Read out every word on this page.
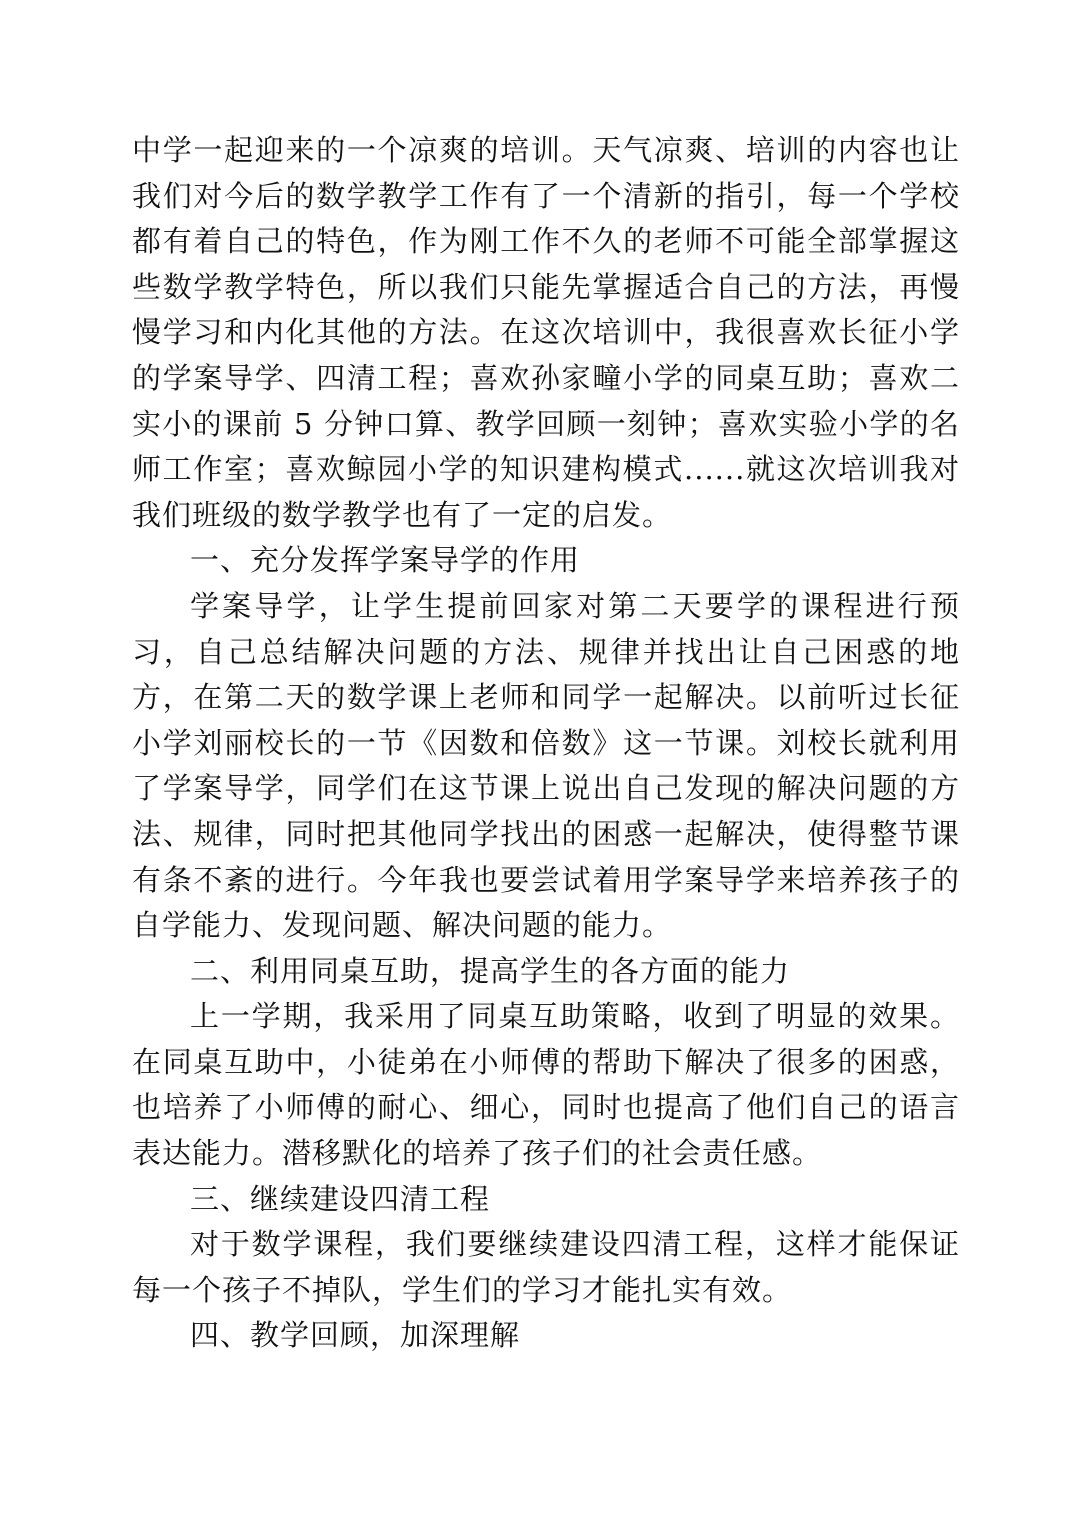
中学一起迎来的一个凉爽的培训。天气凉爽、培训的内容也让我们对今后的数学教学工作有了一个清新的指引，每一个学校都有着自己的特色，作为刚工作不久的老师不可能全部掌握这些数学教学特色，所以我们只能先掌握适合自己的方法，再慢慢学习和内化其他的方法。在这次培训中，我很喜欢长征小学的学案导学、四清工程；喜欢孙家疃小学的同桌互助；喜欢二实小的课前 5 分钟口算、教学回顾一刻钟；喜欢实验小学的名师工作室；喜欢鲸园小学的知识建构模式......就这次培训我对我们班级的数学教学也有了一定的启发。

一、充分发挥学案导学的作用

学案导学，让学生提前回家对第二天要学的课程进行预习，自己总结解决问题的方法、规律并找出让自己困惑的地方，在第二天的数学课上老师和同学一起解决。以前听过长征小学刘丽校长的一节《因数和倍数》这一节课。刘校长就利用了学案导学，同学们在这节课上说出自己发现的解决问题的方法、规律，同时把其他同学找出的困惑一起解决，使得整节课有条不紊的进行。今年我也要尝试着用学案导学来培养孩子的自学能力、发现问题、解决问题的能力。

二、利用同桌互助，提高学生的各方面的能力

上一学期，我采用了同桌互助策略，收到了明显的效果。在同桌互助中，小徒弟在小师傅的帮助下解决了很多的困惑，也培养了小师傅的耐心、细心，同时也提高了他们自己的语言表达能力。潜移默化的培养了孩子们的社会责任感。

三、继续建设四清工程

对于数学课程，我们要继续建设四清工程，这样才能保证每一个孩子不掉队，学生们的学习才能扎实有效。

四、教学回顾，加深理解
